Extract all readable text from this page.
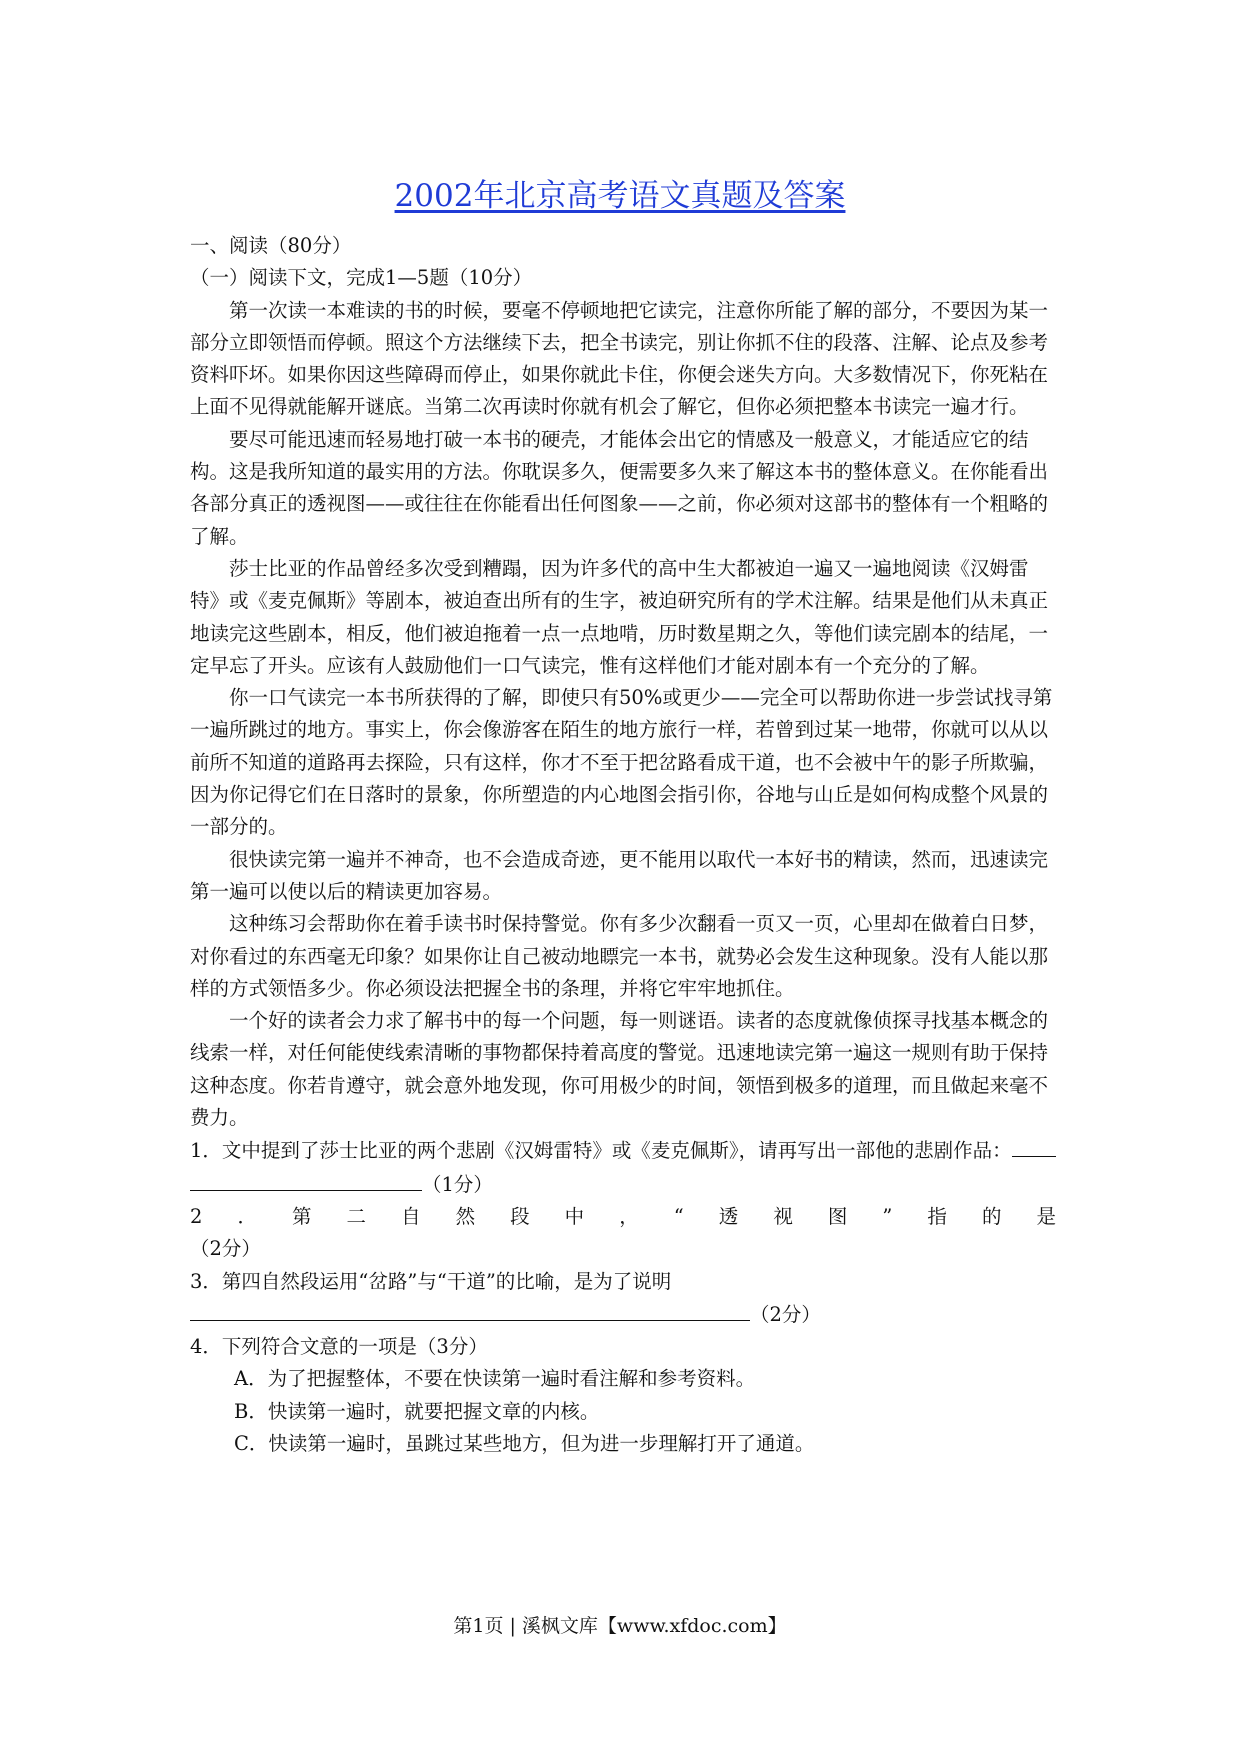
2002年北京高考语文真题及答案

一、阅读（80分）

（一）阅读下文，完成1—5题（10分）

第一次读一本难读的书的时候，要毫不停顿地把它读完，注意你所能了解的部分，不要因为某一部分立即领悟而停顿。照这个方法继续下去，把全书读完，别让你抓不住的段落、注解、论点及参考资料吓坏。如果你因这些障碍而停止，如果你就此卡住，你便会迷失方向。大多数情况下，你死粘在上面不见得就能解开谜底。当第二次再读时你就有机会了解它，但你必须把整本书读完一遍才行。

要尽可能迅速而轻易地打破一本书的硬壳，才能体会出它的情感及一般意义，才能适应它的结构。这是我所知道的最实用的方法。你耽误多久，便需要多久来了解这本书的整体意义。在你能看出各部分真正的透视图——或往往在你能看出任何图象——之前，你必须对这部书的整体有一个粗略的了解。

莎士比亚的作品曾经多次受到糟蹋，因为许多代的高中生大都被迫一遍又一遍地阅读《汉姆雷特》或《麦克佩斯》等剧本，被迫查出所有的生字，被迫研究所有的学术注解。结果是他们从未真正地读完这些剧本，相反，他们被迫拖着一点一点地啃，历时数星期之久，等他们读完剧本的结尾，一定早忘了开头。应该有人鼓励他们一口气读完，惟有这样他们才能对剧本有一个充分的了解。

你一口气读完一本书所获得的了解，即使只有50%或更少——完全可以帮助你进一步尝试找寻第一遍所跳过的地方。事实上，你会像游客在陌生的地方旅行一样，若曾到过某一地带，你就可以从以前所不知道的道路再去探险，只有这样，你才不至于把岔路看成干道，也不会被中午的影子所欺骗，因为你记得它们在日落时的景象，你所塑造的内心地图会指引你，谷地与山丘是如何构成整个风景的一部分的。

很快读完第一遍并不神奇，也不会造成奇迹，更不能用以取代一本好书的精读，然而，迅速读完第一遍可以使以后的精读更加容易。

这种练习会帮助你在着手读书时保持警觉。你有多少次翻看一页又一页，心里却在做着白日梦，对你看过的东西毫无印象？如果你让自己被动地瞟完一本书，就势必会发生这种现象。没有人能以那样的方式领悟多少。你必须设法把握全书的条理，并将它牢牢地抓住。

一个好的读者会力求了解书中的每一个问题，每一则谜语。读者的态度就像侦探寻找基本概念的线索一样，对任何能使线索清晰的事物都保持着高度的警觉。迅速地读完第一遍这一规则有助于保持这种态度。你若肯遵守，就会意外地发现，你可用极少的时间，领悟到极多的道理，而且做起来毫不费力。

1．文中提到了莎士比亚的两个悲剧《汉姆雷特》或《麦克佩斯》，请再写出一部他的悲剧作品：

（1分）

2．第二自然段中，“透视图”指的是

（2分）

3．第四自然段运用“岔路”与“干道”的比喻，是为了说明

（2分）

4．下列符合文意的一项是（3分）

A．为了把握整体，不要在快读第一遍时看注解和参考资料。

B．快读第一遍时，就要把握文章的内核。

C．快读第一遍时，虽跳过某些地方，但为进一步理解打开了通道。

第1页 | 溪枫文库【www.xfdoc.com】
